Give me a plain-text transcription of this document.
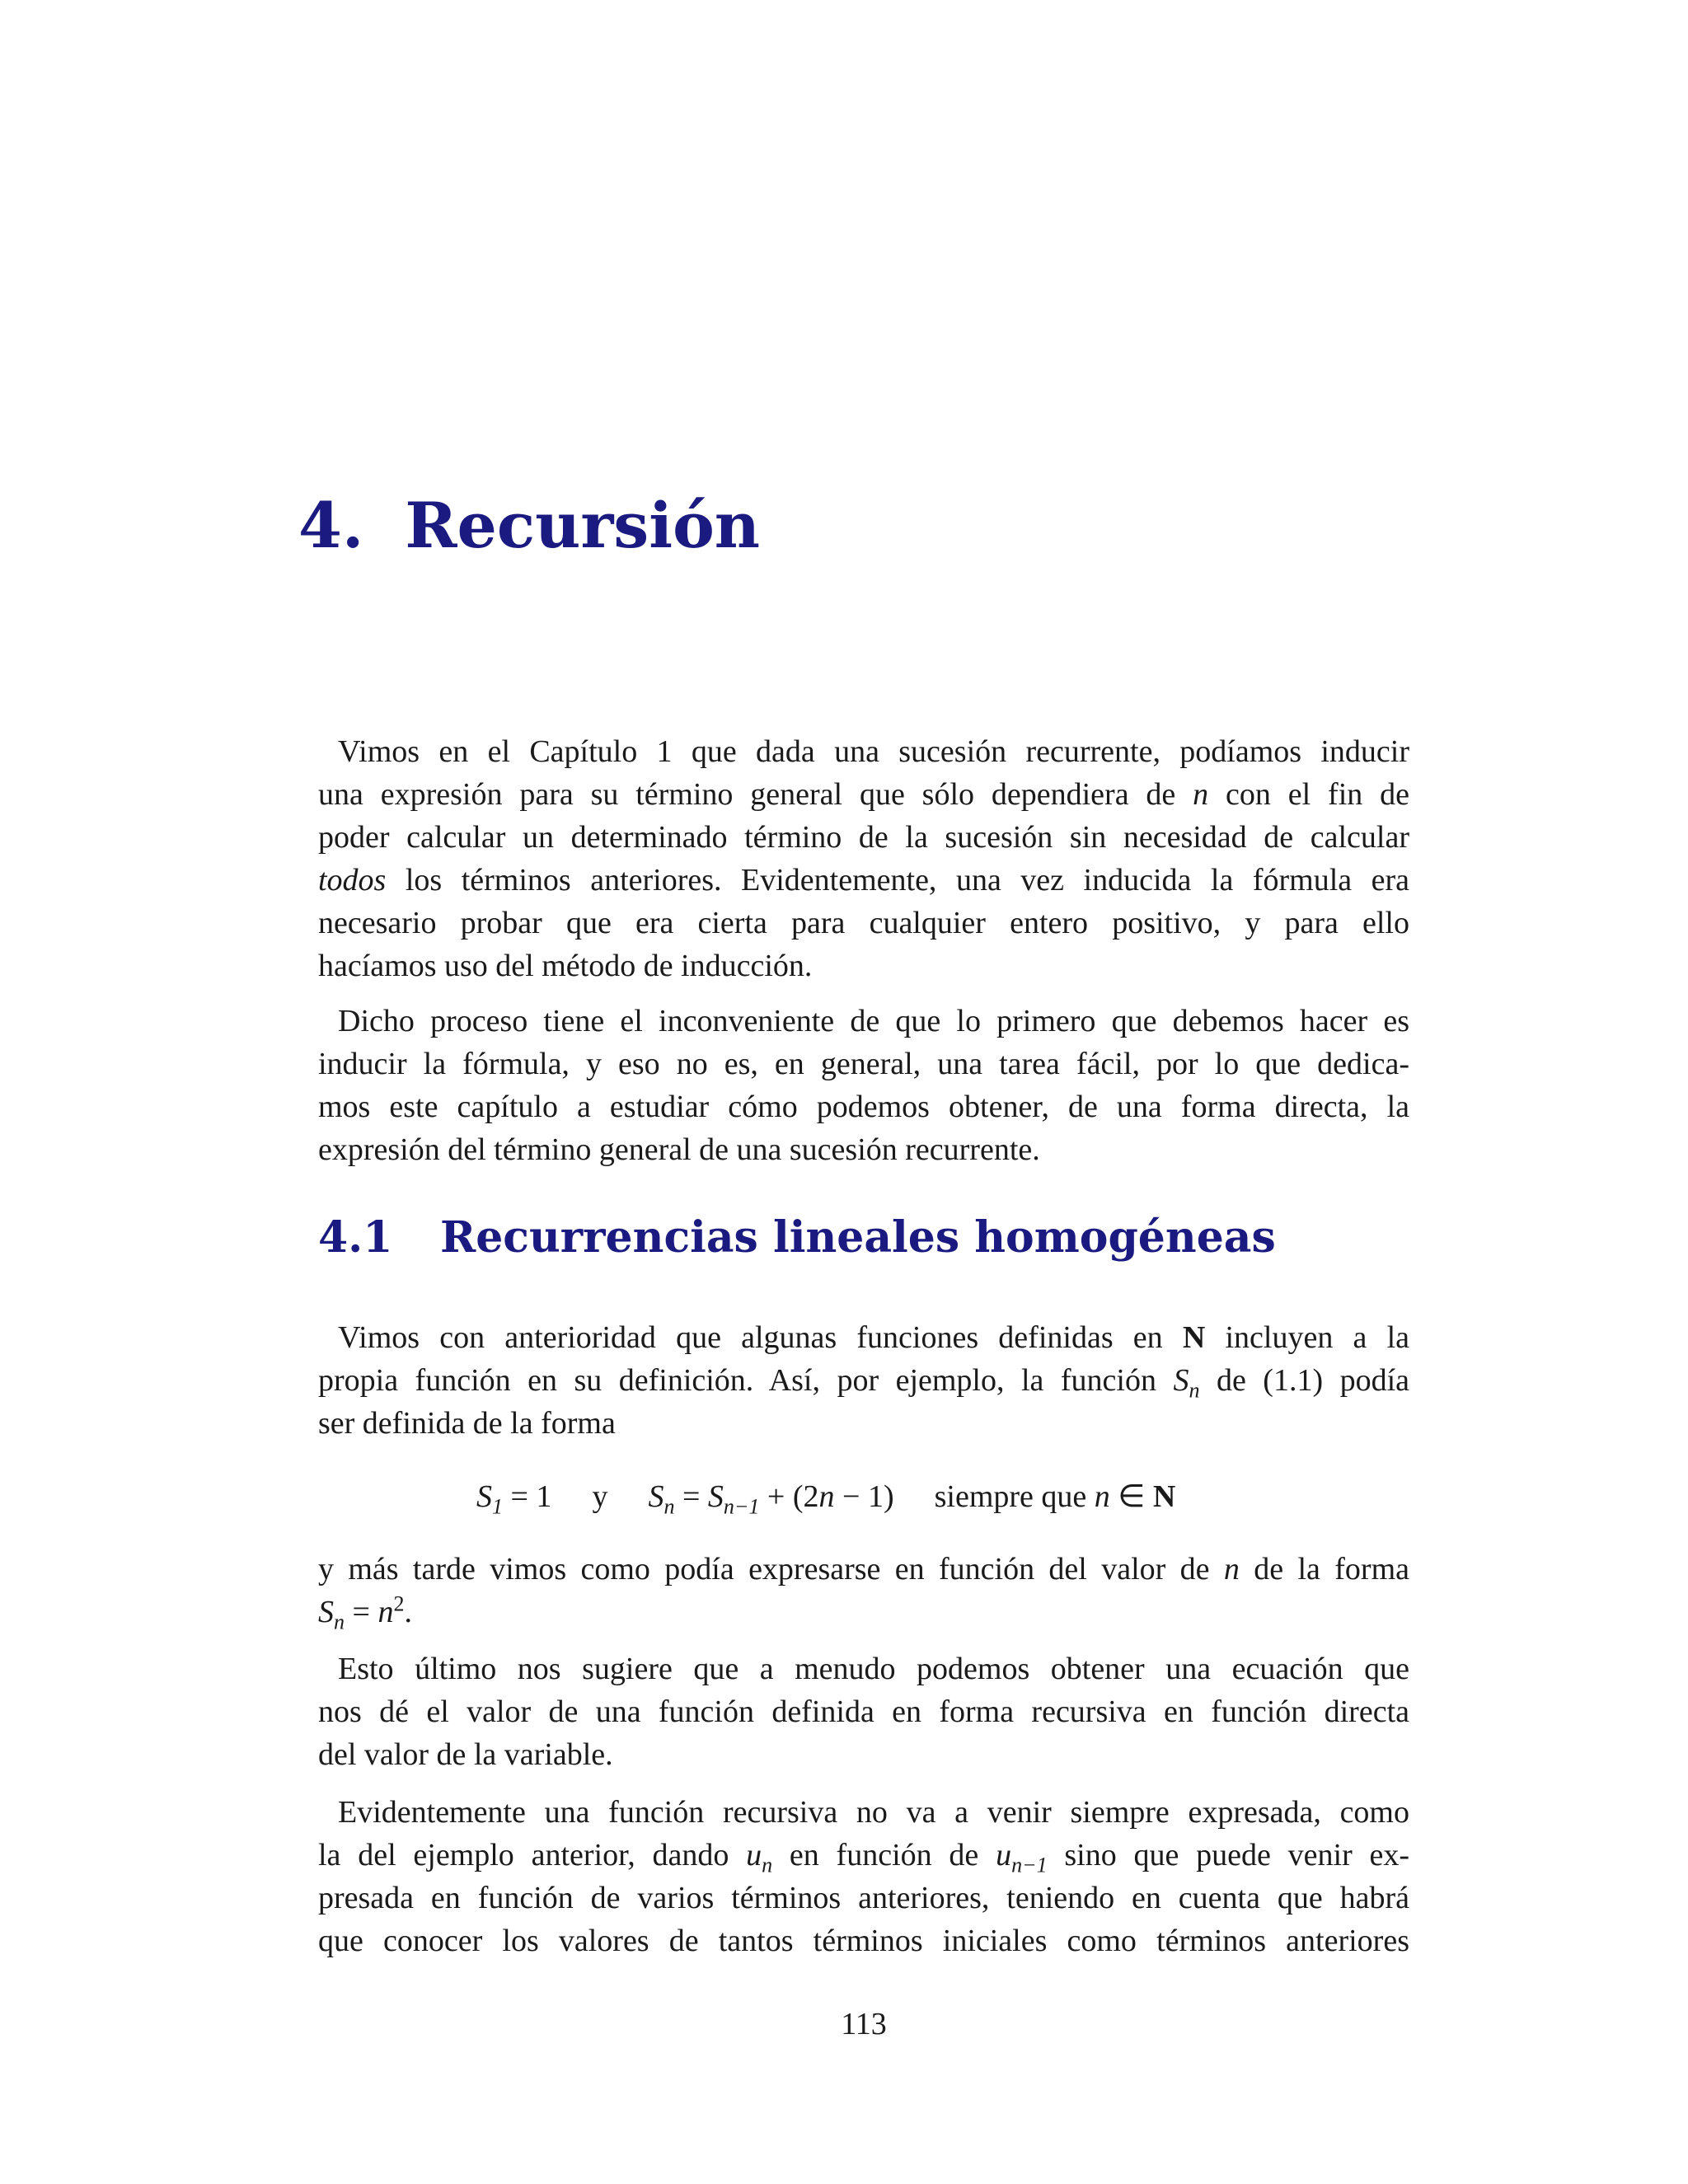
4. Recursión
Vimos en el Capítulo 1 que dada una sucesión recurrente, podíamos inducir
una expresión para su término general que sólo dependiera de n con el fin de
poder calcular un determinado término de la sucesión sin necesidad de calcular
todos los términos anteriores. Evidentemente, una vez inducida la fórmula era
necesario probar que era cierta para cualquier entero positivo, y para ello
hacíamos uso del método de inducción.
Dicho proceso tiene el inconveniente de que lo primero que debemos hacer es
inducir la fórmula, y eso no es, en general, una tarea fácil, por lo que dedica-
mos este capítulo a estudiar cómo podemos obtener, de una forma directa, la
expresión del término general de una sucesión recurrente.
4.1 Recurrencias lineales homogéneas
Vimos con anterioridad que algunas funciones definidas en N incluyen a la
propia función en su definición. Así, por ejemplo, la función $S_n$ de (1.1) podía
ser definida de la forma
$S_1 = 1$ y $S_n = S_{n-1} + (2n - 1)$ siempre que n ∈ N
y más tarde vimos como podía expresarse en función del valor de n de la forma
$S_n = n^2$.
Esto último nos sugiere que a menudo podemos obtener una ecuación que
nos dé el valor de una función definida en forma recursiva en función directa
del valor de la variable.
Evidentemente una función recursiva no va a venir siempre expresada, como
la del ejemplo anterior, dando $u_n$ en función de $u_{n-1}$ sino que puede venir ex-
presada en función de varios términos anteriores, teniendo en cuenta que habrá
que conocer los valores de tantos términos iniciales como términos anteriores
113
